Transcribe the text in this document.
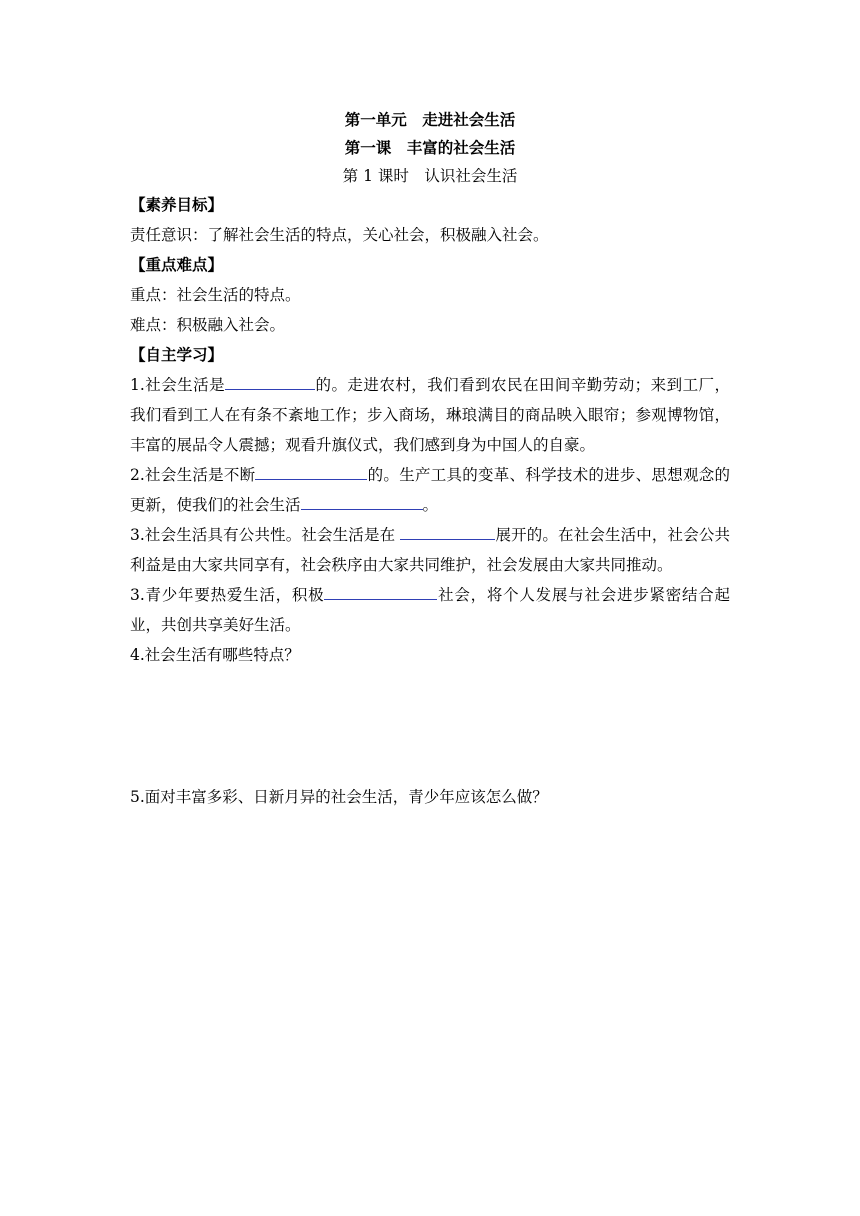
第一单元　走进社会生活
第一课　丰富的社会生活
第 1 课时　认识社会生活
【素养目标】
责任意识：了解社会生活的特点，关心社会，积极融入社会。
【重点难点】
重点：社会生活的特点。
难点：积极融入社会。
【自主学习】
1.社会生活是	的。走进农村，我们看到农民在田间辛勤劳动；来到工厂，我们看到工人在有条不紊地工作；步入商场，琳琅满目的商品映入眼帘；参观博物馆，丰富的展品令人震撼；观看升旗仪式，我们感到身为中国人的自豪。
2.社会生活是不断	的。生产工具的变革、科学技术的进步、思想观念的更新，使我们的社会生活	。
3.社会生活具有公共性。社会生活是在	展开的。在社会生活中，社会公共利益是由大家共同享有，社会秩序由大家共同维护，社会发展由大家共同推动。
3.青少年要热爱生活，积极	社会，将个人发展与社会进步紧密结合起业，共创共享美好生活。
4.社会生活有哪些特点？
5.面对丰富多彩、日新月异的社会生活，青少年应该怎么做？
